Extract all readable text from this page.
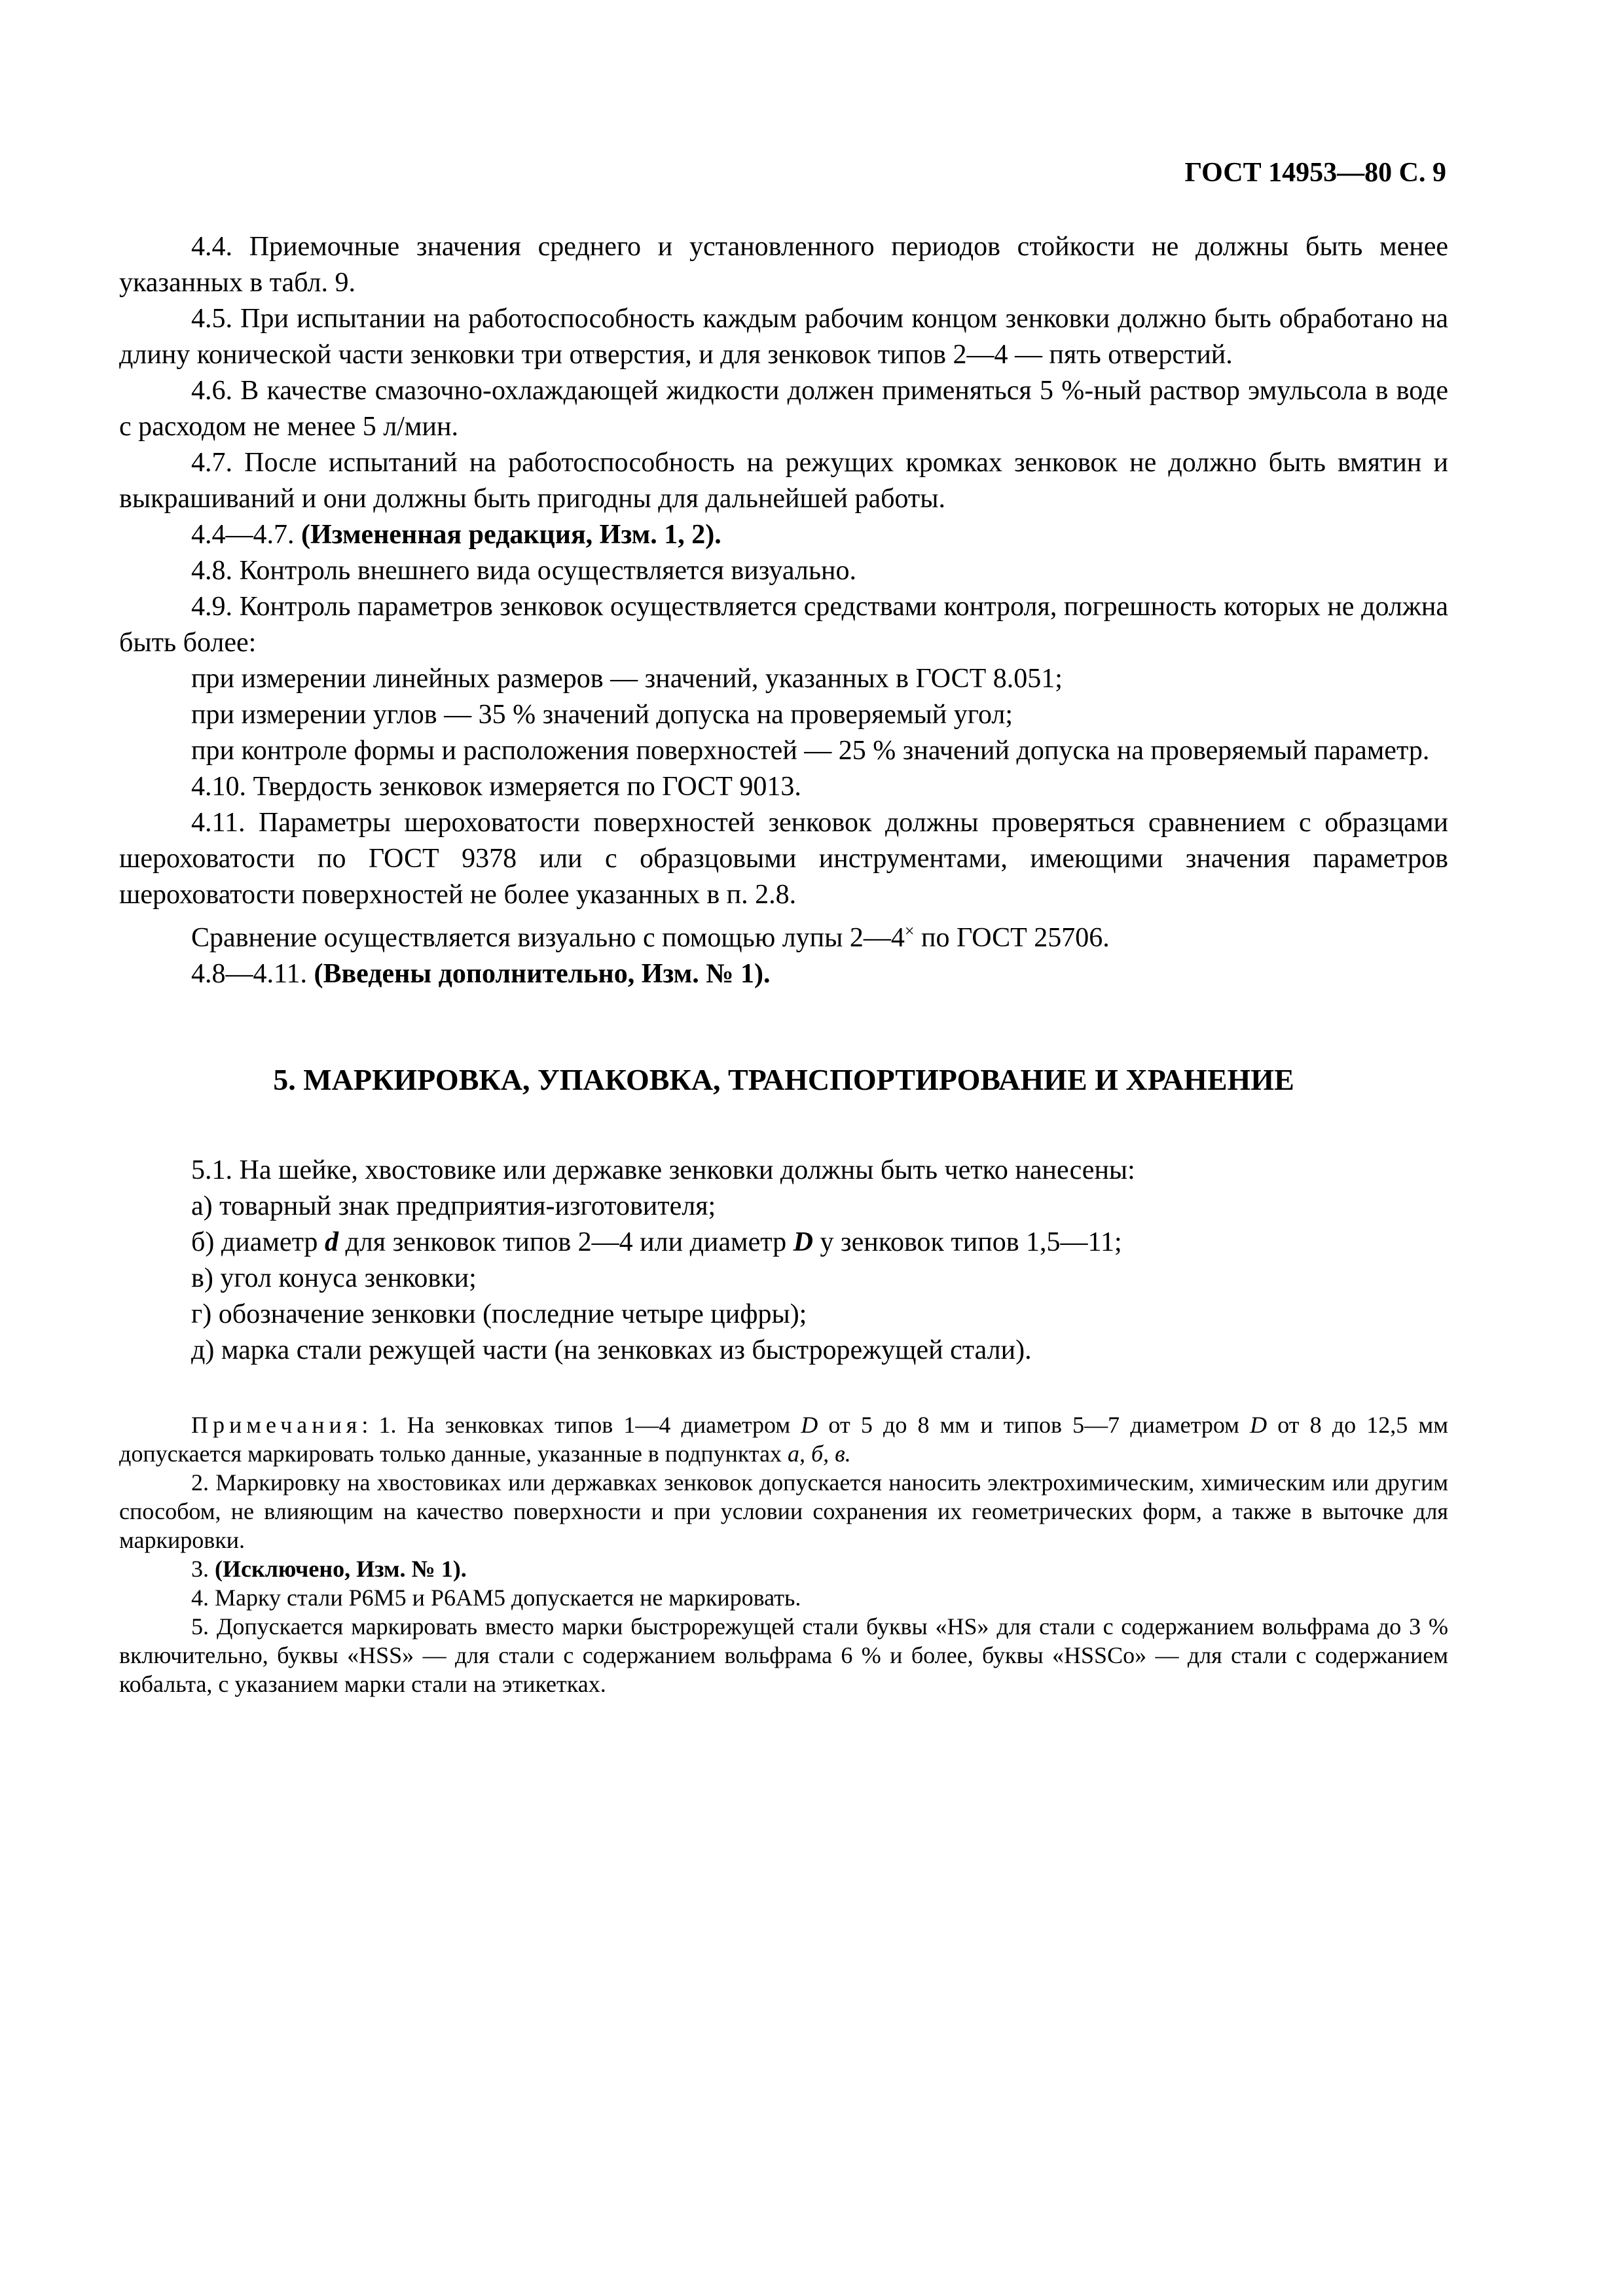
ГОСТ 14953—80 С. 9

4.4. Приемочные значения среднего и установленного периодов стойкости не должны быть менее указанных в табл. 9.

4.5. При испытании на работоспособность каждым рабочим концом зенковки должно быть обработано на длину конической части зенковки три отверстия, и для зенковок типов 2—4 — пять отверстий.

4.6. В качестве смазочно-охлаждающей жидкости должен применяться 5 %-ный раствор эмульсола в воде с расходом не менее 5 л/мин.

4.7. После испытаний на работоспособность на режущих кромках зенковок не должно быть вмятин и выкрашиваний и они должны быть пригодны для дальнейшей работы.

4.4—4.7. (Измененная редакция, Изм. 1, 2).

4.8. Контроль внешнего вида осуществляется визуально.

4.9. Контроль параметров зенковок осуществляется средствами контроля, погрешность которых не должна быть более:

при измерении линейных размеров — значений, указанных в ГОСТ 8.051;

при измерении углов — 35 % значений допуска на проверяемый угол;

при контроле формы и расположения поверхностей — 25 % значений допуска на проверяемый параметр.

4.10. Твердость зенковок измеряется по ГОСТ 9013.

4.11. Параметры шероховатости поверхностей зенковок должны проверяться сравнением с образцами шероховатости по ГОСТ 9378 или с образцовыми инструментами, имеющими значения параметров шероховатости поверхностей не более указанных в п. 2.8.

Сравнение осуществляется визуально с помощью лупы 2—4× по ГОСТ 25706.

4.8—4.11. (Введены дополнительно, Изм. № 1).

5. МАРКИРОВКА, УПАКОВКА, ТРАНСПОРТИРОВАНИЕ И ХРАНЕНИЕ

5.1. На шейке, хвостовике или державке зенковки должны быть четко нанесены:

а) товарный знак предприятия-изготовителя;

б) диаметр d для зенковок типов 2—4 или диаметр D у зенковок типов 1,5—11;

в) угол конуса зенковки;

г) обозначение зенковки (последние четыре цифры);

д) марка стали режущей части (на зенковках из быстрорежущей стали).

Примечания: 1. На зенковках типов 1—4 диаметром D от 5 до 8 мм и типов 5—7 диаметром D от 8 до 12,5 мм допускается маркировать только данные, указанные в подпунктах а, б, в.

2. Маркировку на хвостовиках или державках зенковок допускается наносить электрохимическим, химическим или другим способом, не влияющим на качество поверхности и при условии сохранения их геометрических форм, а также в выточке для маркировки.

3. (Исключено, Изм. № 1).

4. Марку стали Р6М5 и Р6АМ5 допускается не маркировать.

5. Допускается маркировать вместо марки быстрорежущей стали буквы «HS» для стали с содержанием вольфрама до 3 % включительно, буквы «HSS» — для стали с содержанием вольфрама 6 % и более, буквы «HSSCo» — для стали с содержанием кобальта, с указанием марки стали на этикетках.
